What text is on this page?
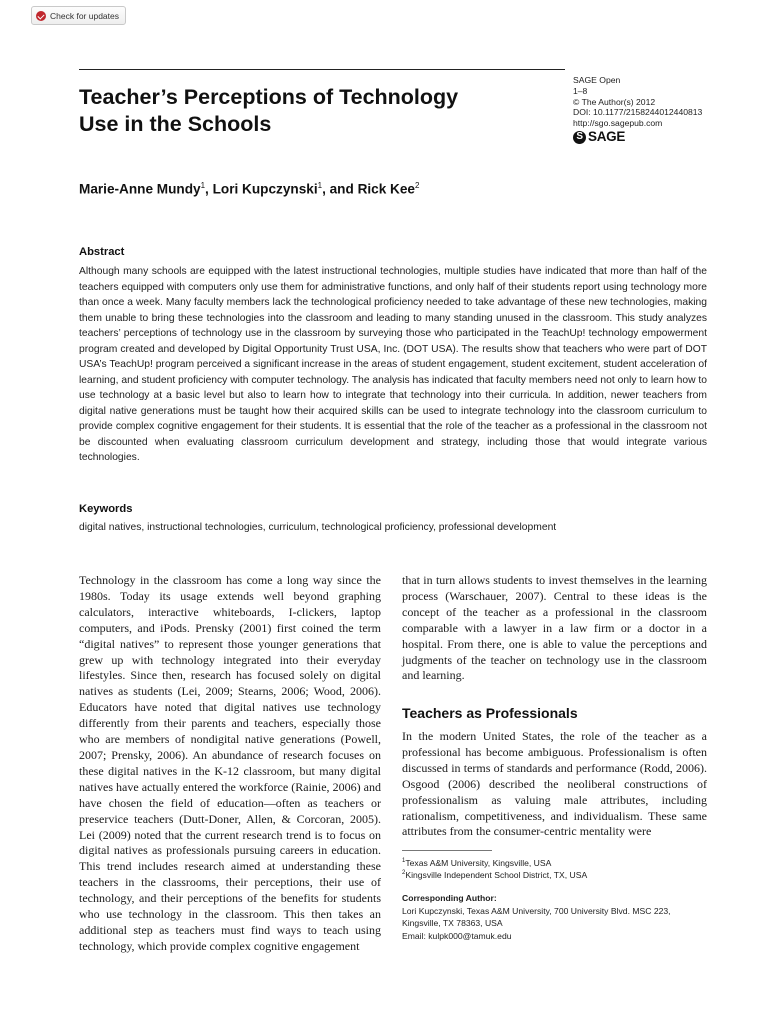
Check for updates
Teacher’s Perceptions of Technology Use in the Schools
SAGE Open
1–8
© The Author(s) 2012
DOI: 10.1177/2158244012440813
http://sgo.sagepub.com
S SAGE
Marie-Anne Mundy$^1$, Lori Kupczynski$^1$, and Rick Kee$^2$
Abstract

Although many schools are equipped with the latest instructional technologies, multiple studies have indicated that more than half of the teachers equipped with computers only use them for administrative functions, and only half of their students report using technology more than once a week. Many faculty members lack the technological proficiency needed to take advantage of these new technologies, making them unable to bring these technologies into the classroom and leading to many standing unused in the classroom. This study analyzes teachers’ perceptions of technology use in the classroom by surveying those who participated in the TeachUp! technology empowerment program created and developed by Digital Opportunity Trust USA, Inc. (DOT USA). The results show that teachers who were part of DOT USA’s TeachUp! program perceived a significant increase in the areas of student engagement, student excitement, student acceleration of learning, and student proficiency with computer technology. The analysis has indicated that faculty members need not only to learn how to use technology at a basic level but also to learn how to integrate that technology into their curricula. In addition, newer teachers from digital native generations must be taught how their acquired skills can be used to integrate technology into the classroom curriculum to provide complex cognitive engagement for their students. It is essential that the role of the teacher as a professional in the classroom not be discounted when evaluating classroom curriculum development and strategy, including those that would integrate various technologies.

Keywords
digital natives, instructional technologies, curriculum, technological proficiency, professional development

Technology in the classroom has come a long way since the 1980s. Today its usage extends well beyond graphing calculators, interactive whiteboards, I-clickers, laptop computers, and iPods. Prensky (2001) first coined the term “digital natives” to represent those younger generations that grew up with technology integrated into their everyday lifestyles. Since then, research has focused solely on digital natives as students (Lei, 2009; Stearns, 2006; Wood, 2006). Educators have noted that digital natives use technology differently from their parents and teachers, especially those who are members of nondigital native generations (Powell, 2007; Prensky, 2006). An abundance of research focuses on these digital natives in the K-12 classroom, but many digital natives have actually entered the workforce (Rainie, 2006) and have chosen the field of education—often as teachers or preservice teachers (Dutt-Doner, Allen, & Corcoran, 2005). Lei (2009) noted that the current research trend is to focus on digital natives as professionals pursuing careers in education. This trend includes research aimed at understanding these teachers in the classrooms, their perceptions, their use of technology, and their perceptions of the benefits for students who use technology in the classroom. This then takes an additional step as teachers must find ways to teach using technology, which provide complex cognitive engagement

that in turn allows students to invest themselves in the learning process (Warschauer, 2007). Central to these ideas is the concept of the teacher as a professional in the classroom comparable with a lawyer in a law firm or a doctor in a hospital. From there, one is able to value the perceptions and judgments of the teacher on technology use in the classroom and learning.

Teachers as Professionals

In the modern United States, the role of the teacher as a professional has become ambiguous. Professionalism is often discussed in terms of standards and performance (Rodd, 2006). Osgood (2006) described the neoliberal constructions of professionalism as valuing male attributes, including rationalism, competitiveness, and individualism. These same attributes from the consumer-centric mentality were

$^1$Texas A&M University, Kingsville, USA
$^2$Kingsville Independent School District, TX, USA
Corresponding Author:
Lori Kupczynski, Texas A&M University, 700 University Blvd. MSC 223,
Kingsville, TX 78363, USA
Email: kulpk000@tamuk.edu
